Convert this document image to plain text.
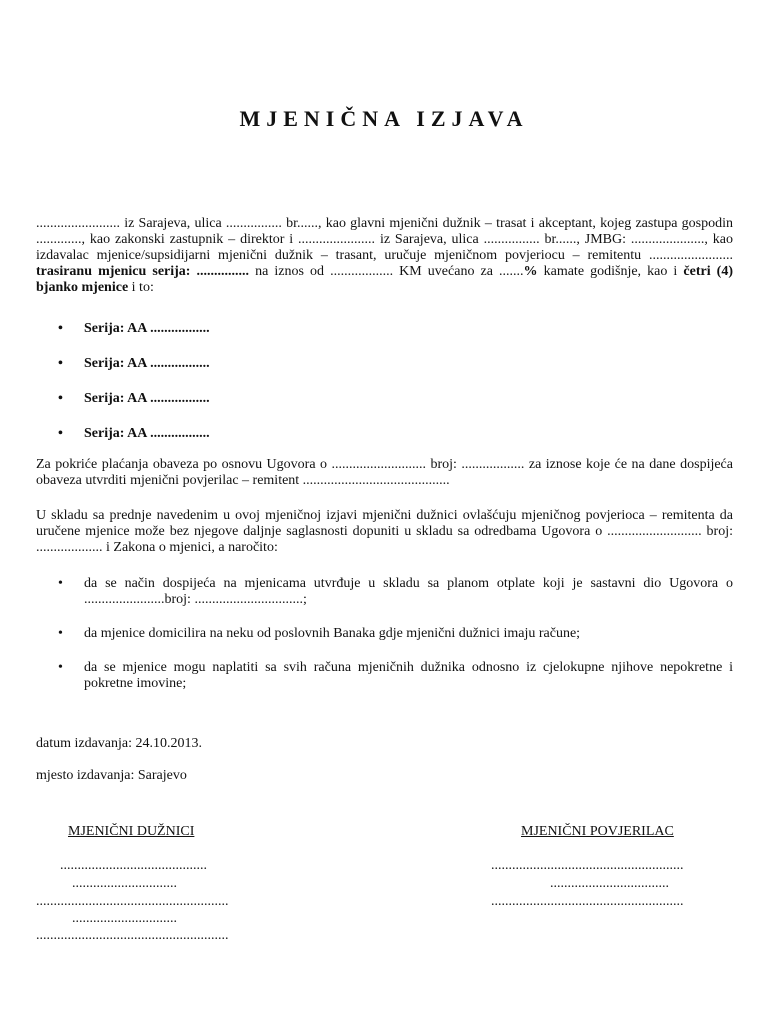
MJENIČNA IZJAVA

........................ iz Sarajeva, ulica ................ br......, kao glavni mjenični dužnik – trasat i akceptant, kojeg zastupa gospodin ............., kao zakonski zastupnik – direktor i ...................... iz Sarajeva, ulica ................ br......, JMBG: ....................., kao izdavalac mjenice/supsidijarni mjenični dužnik – trasant, uručuje mjeničnom povjeriocu – remitentu ........................ trasiranu mjenicu serija: ............... na iznos od .................. KM uvećano za .......% kamate godišnje, kao i četri (4) bjanko mjenice i to:

• Serija: AA .................
• Serija: AA .................
• Serija: AA .................
• Serija: AA .................

Za pokriće plaćanja obaveza po osnovu Ugovora o ........................... broj: .................. za iznose koje će na dane dospijeća obaveza utvrditi mjenični povjerilac – remitent ..........................................

U skladu sa prednje navedenim u ovoj mjeničnoj izjavi mjenični dužnici ovlašćuju mjeničnog povjerioca – remitenta da uručene mjenice može bez njegove daljnje saglasnosti dopuniti u skladu sa odredbama Ugovora o ........................... broj: ................... i Zakona o mjenici, a naročito:

• da se način dospijeća na mjenicama utvrđuje u skladu sa planom otplate koji je sastavni dio Ugovora o .......................broj: ...............................;
• da mjenice domicilira na neku od poslovnih Banaka gdje mjenični dužnici imaju račune;
• da se mjenice mogu naplatiti sa svih računa mjeničnih dužnika odnosno iz cjelokupne njihove nepokretne i pokretne imovine;
datum izdavanja: 24.10.2013.
mjesto izdavanja: Sarajevo
MJENIČNI DUŽNICI	MJENIČNI POVJERILAC
..........................................
..............................
.......................................................
..............................
.......................................................
.......................................................
..................................
.......................................................
